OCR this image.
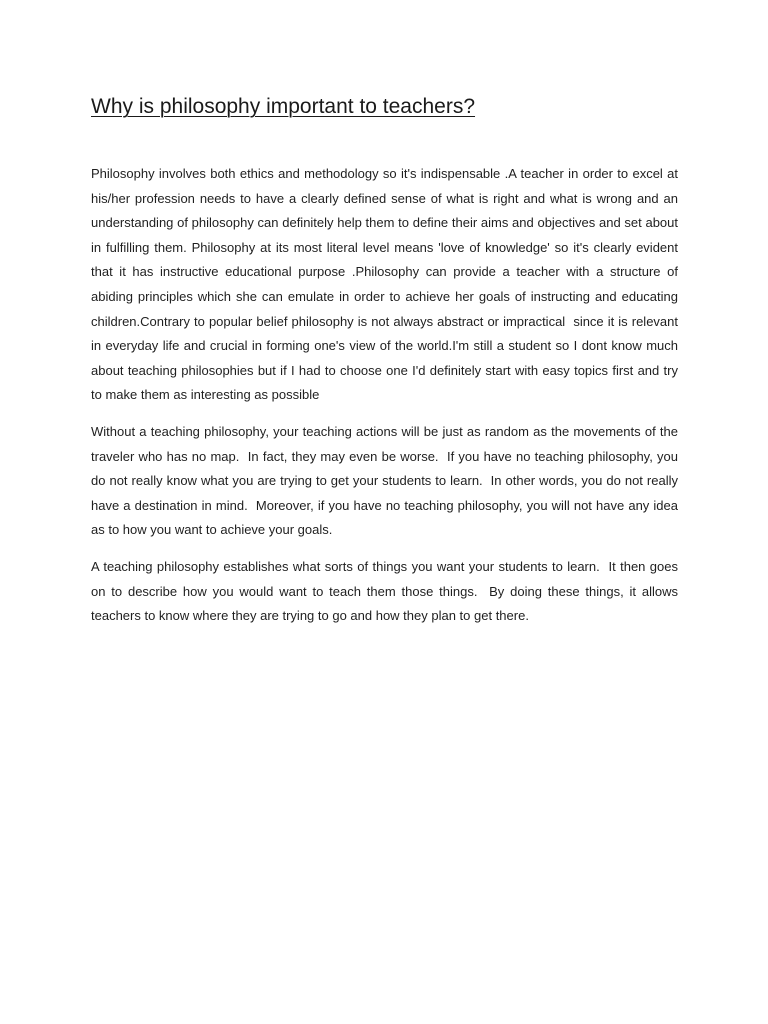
Why is philosophy important to teachers?

Philosophy involves both ethics and methodology so it's indispensable .A teacher in order to excel at his/her profession needs to have a clearly defined sense of what is right and what is wrong and an understanding of philosophy can definitely help them to define their aims and objectives and set about in fulfilling them. Philosophy at its most literal level means 'love of knowledge' so it's clearly evident that it has instructive educational purpose .Philosophy can provide a teacher with a structure of abiding principles which she can emulate in order to achieve her goals of instructing and educating children.Contrary to popular belief philosophy is not always abstract or impractical  since it is relevant in everyday life and crucial in forming one's view of the world.I'm still a student so I dont know much about teaching philosophies but if I had to choose one I'd definitely start with easy topics first and try to make them as interesting as possible

Without a teaching philosophy, your teaching actions will be just as random as the movements of the traveler who has no map.  In fact, they may even be worse.  If you have no teaching philosophy, you do not really know what you are trying to get your students to learn.  In other words, you do not really have a destination in mind.  Moreover, if you have no teaching philosophy, you will not have any idea as to how you want to achieve your goals.

A teaching philosophy establishes what sorts of things you want your students to learn.  It then goes on to describe how you would want to teach them those things.  By doing these things, it allows teachers to know where they are trying to go and how they plan to get there.
